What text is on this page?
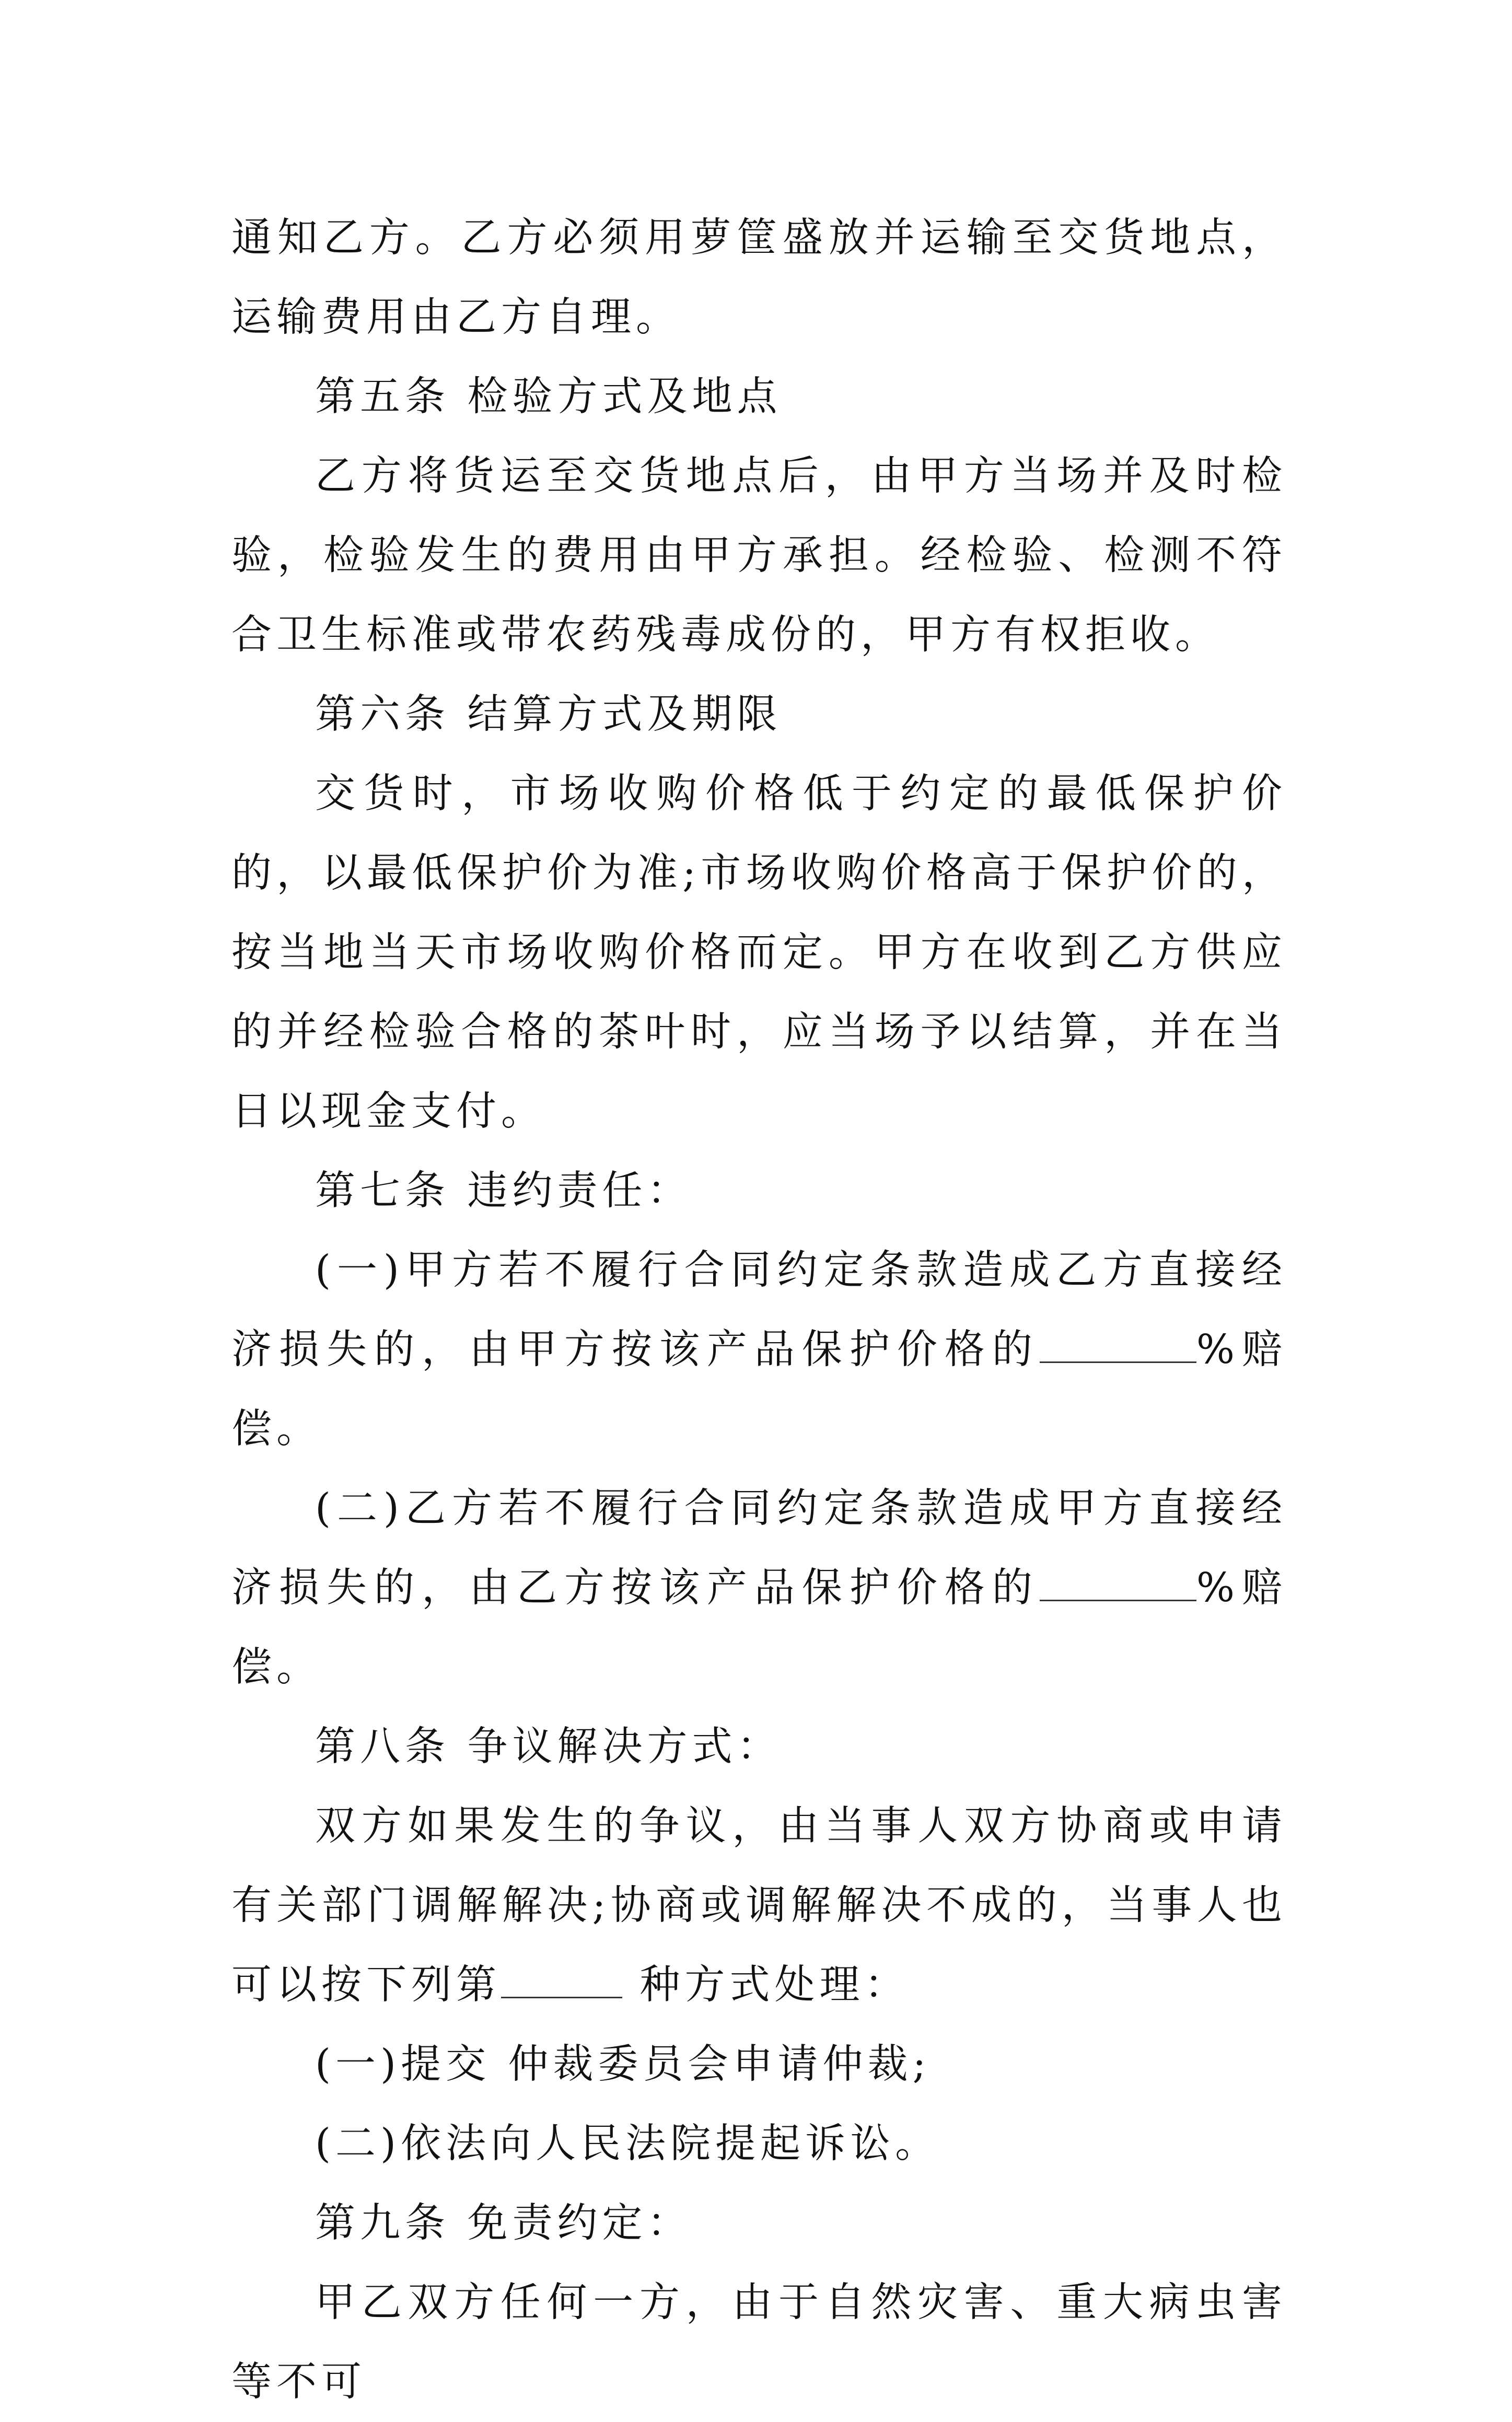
通知乙方。乙方必须用萝筐盛放并运输至交货地点，运输费用由乙方自理。

第五条 检验方式及地点

乙方将货运至交货地点后，由甲方当场并及时检验，检验发生的费用由甲方承担。经检验、检测不符合卫生标准或带农药残毒成份的，甲方有权拒收。

第六条 结算方式及期限

交货时，市场收购价格低于约定的最低保护价的，以最低保护价为准;市场收购价格高于保护价的，按当地当天市场收购价格而定。甲方在收到乙方供应的并经检验合格的茶叶时，应当场予以结算，并在当日以现金支付。

第七条 违约责任：

(一)甲方若不履行合同约定条款造成乙方直接经济损失的，由甲方按该产品保护价格的	%赔偿。

(二)乙方若不履行合同约定条款造成甲方直接经济损失的，由乙方按该产品保护价格的	%赔偿。

第八条 争议解决方式：

双方如果发生的争议，由当事人双方协商或申请有关部门调解解决;协商或调解解决不成的，当事人也可以按下列第	种方式处理：

(一)提交 仲裁委员会申请仲裁;

(二)依法向人民法院提起诉讼。

第九条 免责约定：

甲乙双方任何一方，由于自然灾害、重大病虫害等不可
